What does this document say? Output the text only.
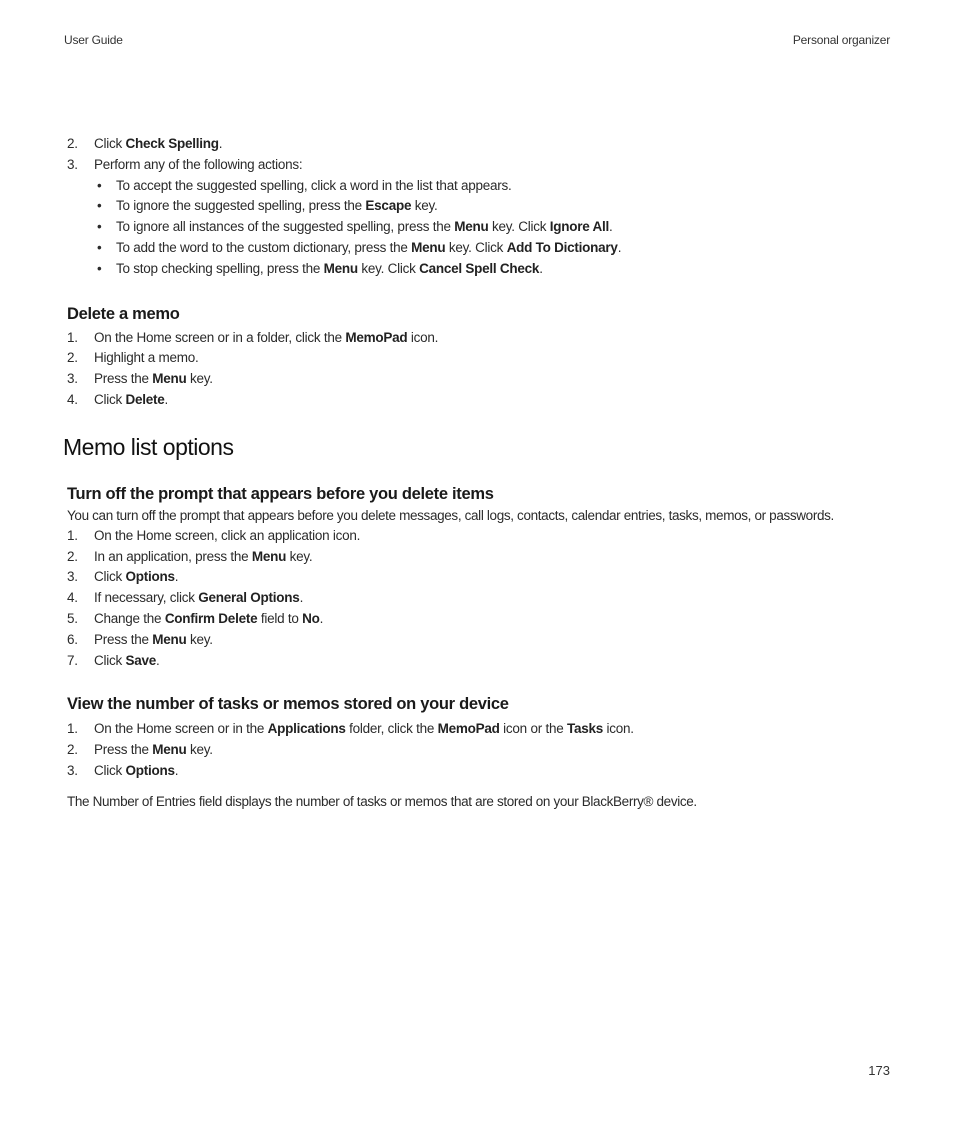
User Guide	Personal organizer
2. Click Check Spelling.

3. Perform any of the following actions:

• To accept the suggested spelling, click a word in the list that appears.

• To ignore the suggested spelling, press the Escape key.

• To ignore all instances of the suggested spelling, press the Menu key. Click Ignore All.

• To add the word to the custom dictionary, press the Menu key. Click Add To Dictionary.

• To stop checking spelling, press the Menu key. Click Cancel Spell Check.

Delete a memo
1. On the Home screen or in a folder, click the MemoPad icon.

2. Highlight a memo.

3. Press the Menu key.

4. Click Delete.

Memo list options
Turn off the prompt that appears before you delete items
You can turn off the prompt that appears before you delete messages, call logs, contacts, calendar entries, tasks, memos, or passwords.
1. On the Home screen, click an application icon.

2. In an application, press the Menu key.

3. Click Options.

4. If necessary, click General Options.

5. Change the Confirm Delete field to No.

6. Press the Menu key.

7. Click Save.

View the number of tasks or memos stored on your device
1. On the Home screen or in the Applications folder, click the MemoPad icon or the Tasks icon.

2. Press the Menu key.

3. Click Options.

The Number of Entries field displays the number of tasks or memos that are stored on your BlackBerry® device.
173
